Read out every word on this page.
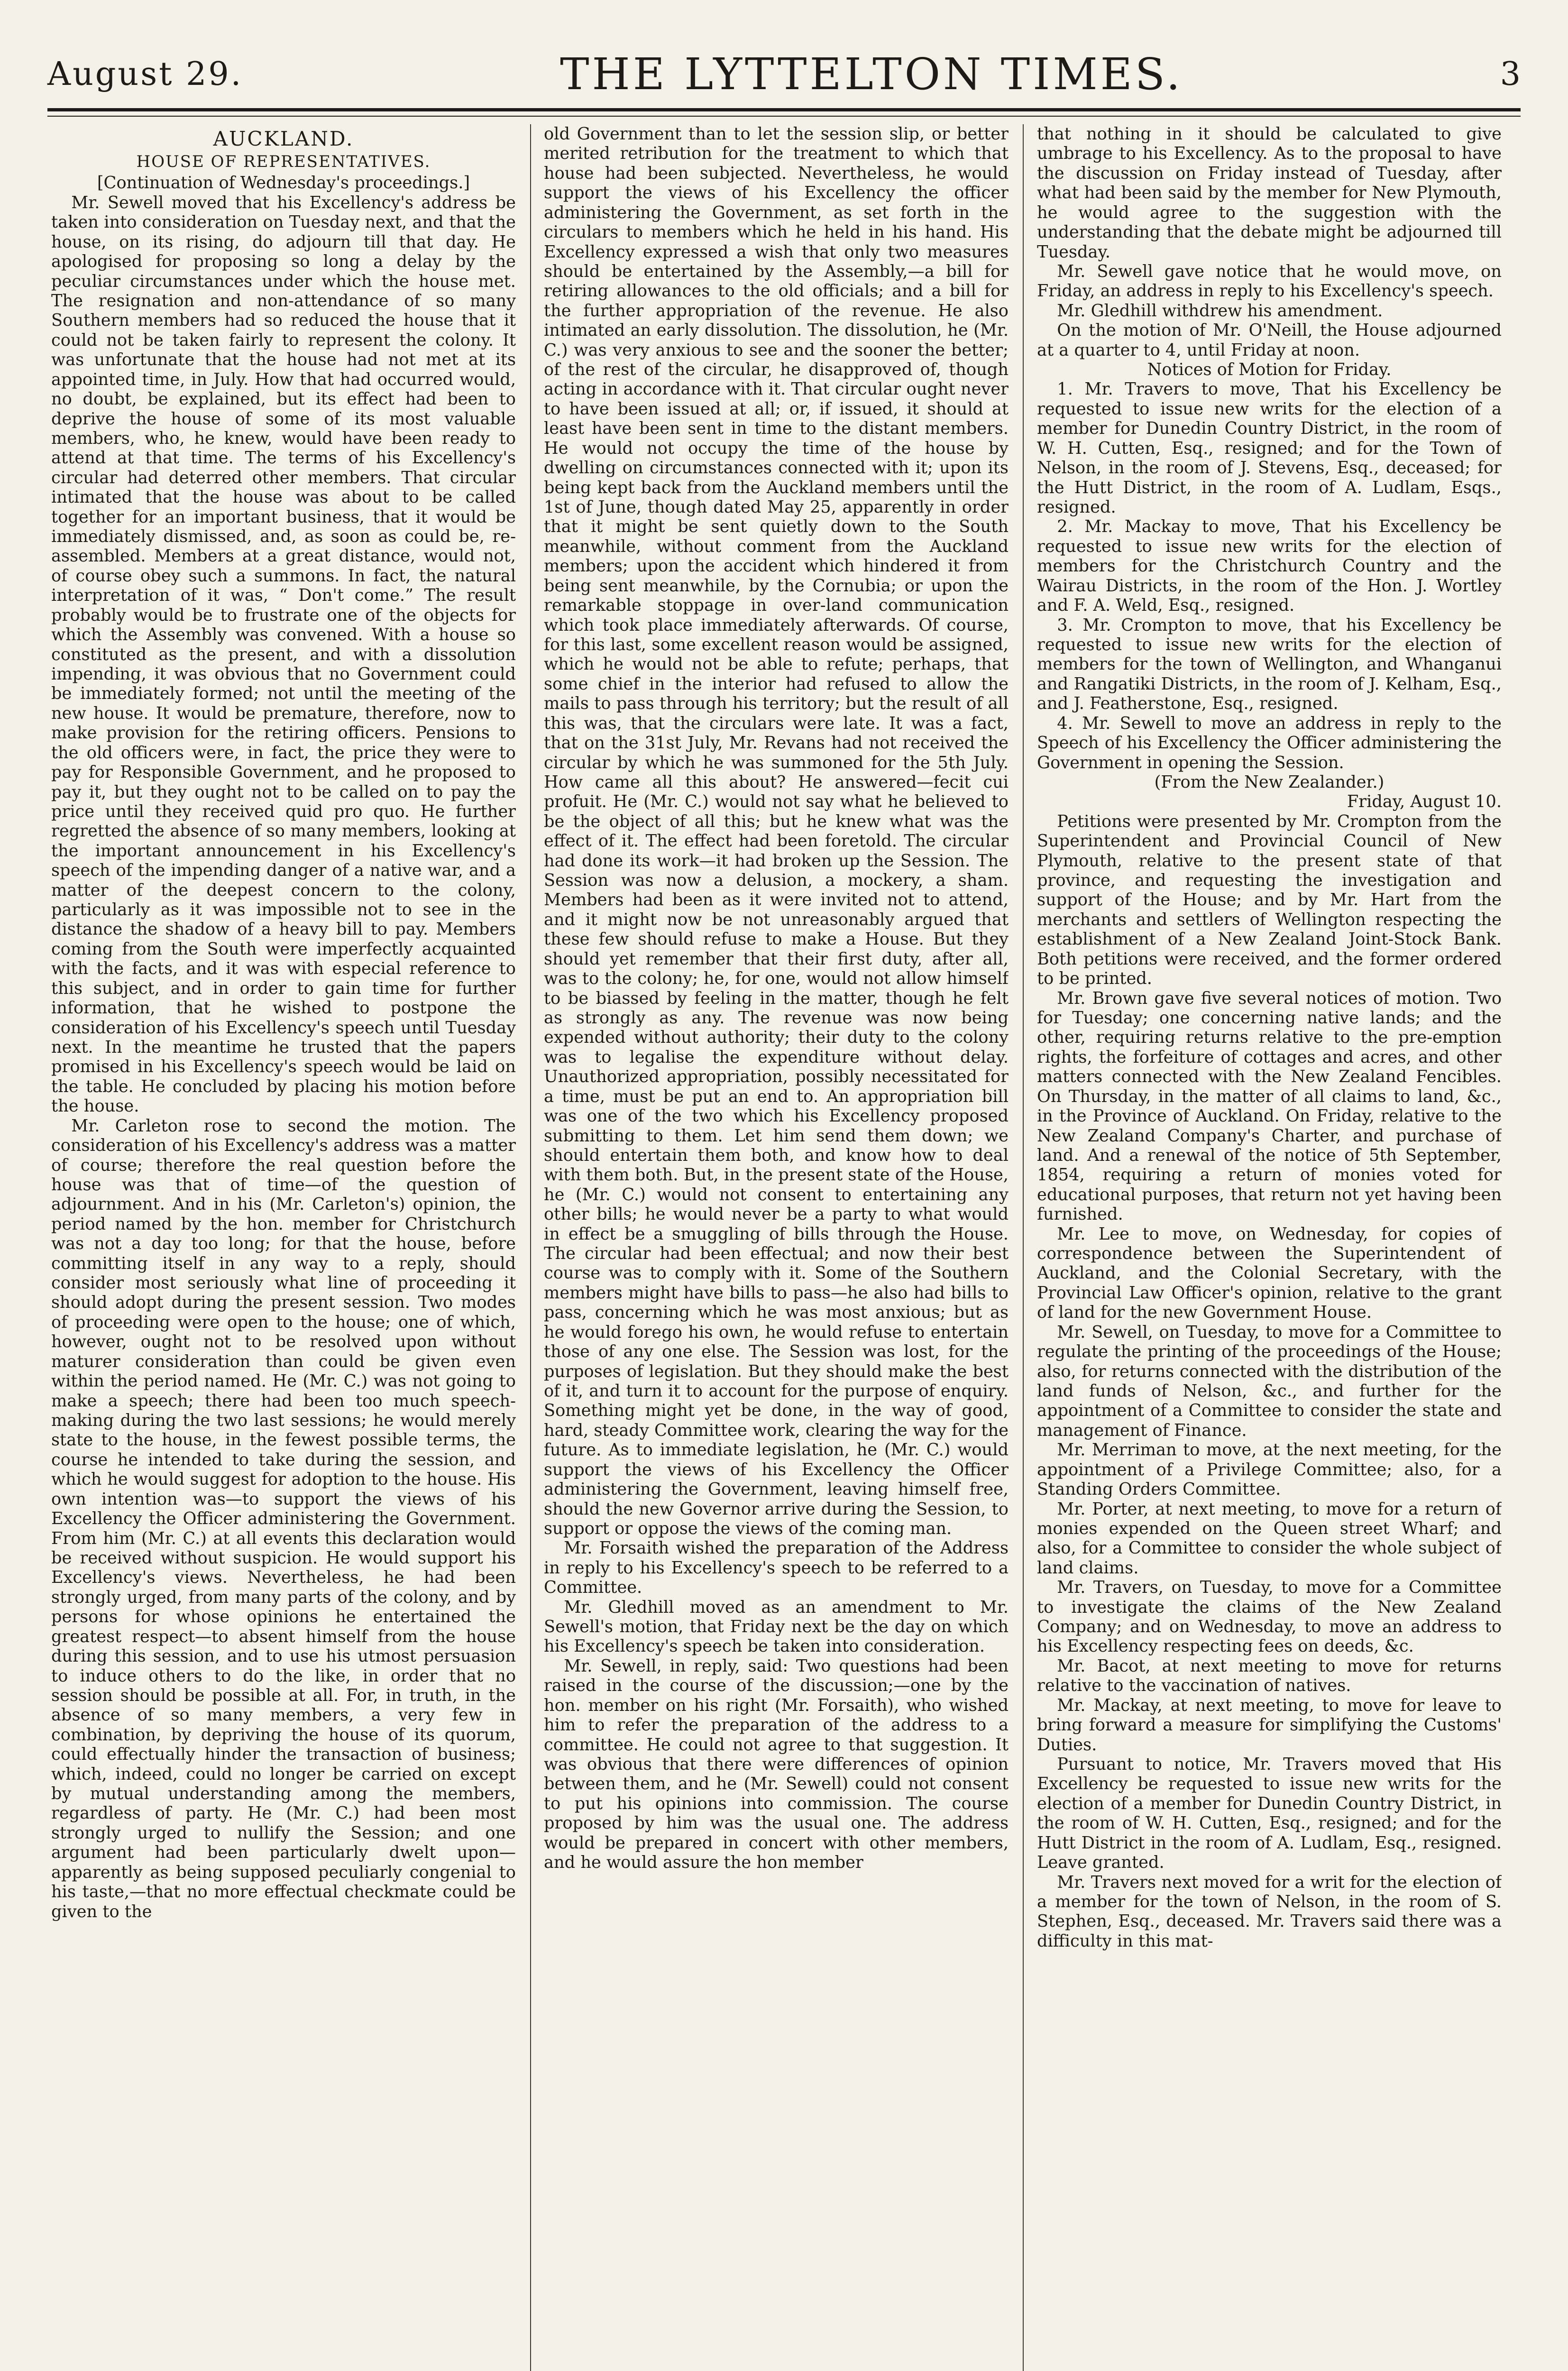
August 29.	THE LYTTELTON TIMES.	3
AUCKLAND.
HOUSE OF REPRESENTATIVES.

[Continuation of Wednesday's proceedings.]

Mr. Sewell moved that his Excellency's address be taken into consideration on Tuesday next, and that the house, on its rising, do adjourn till that day. He apologised for proposing so long a delay by the peculiar circumstances under which the house met. The resignation and non-attendance of so many Southern members had so reduced the house that it could not be taken fairly to represent the colony. It was unfortunate that the house had not met at its appointed time, in July. How that had occurred would, no doubt, be explained, but its effect had been to deprive the house of some of its most valuable members, who, he knew, would have been ready to attend at that time. The terms of his Excellency's circular had deterred other members. That circular intimated that the house was about to be called together for an important business, that it would be immediately dismissed, and, as soon as could be, re-assembled. Members at a great distance, would not, of course obey such a summons. In fact, the natural interpretation of it was, “ Don't come.” The result probably would be to frustrate one of the objects for which the Assembly was convened. With a house so constituted as the present, and with a dissolution impending, it was obvious that no Government could be immediately formed; not until the meeting of the new house. It would be premature, therefore, now to make provision for the retiring officers. Pensions to the old officers were, in fact, the price they were to pay for Responsible Government, and he proposed to pay it, but they ought not to be called on to pay the price until they received quid pro quo. He further regretted the absence of so many members, looking at the important announcement in his Excellency's speech of the impending danger of a native war, and a matter of the deepest concern to the colony, particularly as it was impossible not to see in the distance the shadow of a heavy bill to pay. Members coming from the South were imperfectly acquainted with the facts, and it was with especial reference to this subject, and in order to gain time for further information, that he wished to postpone the consideration of his Excellency's speech until Tuesday next. In the meantime he trusted that the papers promised in his Excellency's speech would be laid on the table. He concluded by placing his motion before the house.

Mr. Carleton rose to second the motion. The consideration of his Excellency's address was a matter of course; therefore the real question before the house was that of time—of the question of adjournment. And in his (Mr. Carleton's) opinion, the period named by the hon. member for Christchurch was not a day too long; for that the house, before committing itself in any way to a reply, should consider most seriously what line of proceeding it should adopt during the present session. Two modes of proceeding were open to the house; one of which, however, ought not to be resolved upon without maturer consideration than could be given even within the period named. He (Mr. C.) was not going to make a speech; there had been too much speech-making during the two last sessions; he would merely state to the house, in the fewest possible terms, the course he intended to take during the session, and which he would suggest for adoption to the house. His own intention was—to support the views of his Excellency the Officer administering the Government. From him (Mr. C.) at all events this declaration would be received without suspicion. He would support his Excellency's views. Nevertheless, he had been strongly urged, from many parts of the colony, and by persons for whose opinions he entertained the greatest respect—to absent himself from the house during this session, and to use his utmost persuasion to induce others to do the like, in order that no session should be possible at all. For, in truth, in the absence of so many members, a very few in combination, by depriving the house of its quorum, could effectually hinder the transaction of business; which, indeed, could no longer be carried on except by mutual understanding among the members, regardless of party. He (Mr. C.) had been most strongly urged to nullify the Session; and one argument had been particularly dwelt upon—apparently as being supposed peculiarly congenial to his taste,—that no more effectual checkmate could be given to the

old Government than to let the session slip, or better merited retribution for the treatment to which that house had been subjected. Nevertheless, he would support the views of his Excellency the officer administering the Government, as set forth in the circulars to members which he held in his hand. His Excellency expressed a wish that only two measures should be entertained by the Assembly,—a bill for retiring allowances to the old officials; and a bill for the further appropriation of the revenue. He also intimated an early dissolution. The dissolution, he (Mr. C.) was very anxious to see and the sooner the better; of the rest of the circular, he disapproved of, though acting in accordance with it. That circular ought never to have been issued at all; or, if issued, it should at least have been sent in time to the distant members. He would not occupy the time of the house by dwelling on circumstances connected with it; upon its being kept back from the Auckland members until the 1st of June, though dated May 25, apparently in order that it might be sent quietly down to the South meanwhile, without comment from the Auckland members; upon the accident which hindered it from being sent meanwhile, by the Cornubia; or upon the remarkable stoppage in over-land communication which took place immediately afterwards. Of course, for this last, some excellent reason would be assigned, which he would not be able to refute; perhaps, that some chief in the interior had refused to allow the mails to pass through his territory; but the result of all this was, that the circulars were late. It was a fact, that on the 31st July, Mr. Revans had not received the circular by which he was summoned for the 5th July. How came all this about? He answered—fecit cui profuit. He (Mr. C.) would not say what he believed to be the object of all this; but he knew what was the effect of it. The effect had been foretold. The circular had done its work—it had broken up the Session. The Session was now a delusion, a mockery, a sham. Members had been as it were invited not to attend, and it might now be not unreasonably argued that these few should refuse to make a House. But they should yet remember that their first duty, after all, was to the colony; he, for one, would not allow himself to be biassed by feeling in the matter, though he felt as strongly as any. The revenue was now being expended without authority; their duty to the colony was to legalise the expenditure without delay. Unauthorized appropriation, possibly necessitated for a time, must be put an end to. An appropriation bill was one of the two which his Excellency proposed submitting to them. Let him send them down; we should entertain them both, and know how to deal with them both. But, in the present state of the House, he (Mr. C.) would not consent to entertaining any other bills; he would never be a party to what would in effect be a smuggling of bills through the House. The circular had been effectual; and now their best course was to comply with it. Some of the Southern members might have bills to pass—he also had bills to pass, concerning which he was most anxious; but as he would forego his own, he would refuse to entertain those of any one else. The Session was lost, for the purposes of legislation. But they should make the best of it, and turn it to account for the purpose of enquiry. Something might yet be done, in the way of good, hard, steady Committee work, clearing the way for the future. As to immediate legislation, he (Mr. C.) would support the views of his Excellency the Officer administering the Government, leaving himself free, should the new Governor arrive during the Session, to support or oppose the views of the coming man.

Mr. Forsaith wished the preparation of the Address in reply to his Excellency's speech to be referred to a Committee.

Mr. Gledhill moved as an amendment to Mr. Sewell's motion, that Friday next be the day on which his Excellency's speech be taken into consideration.

Mr. Sewell, in reply, said: Two questions had been raised in the course of the discussion;—one by the hon. member on his right (Mr. Forsaith), who wished him to refer the preparation of the address to a committee. He could not agree to that suggestion. It was obvious that there were differences of opinion between them, and he (Mr. Sewell) could not consent to put his opinions into commission. The course proposed by him was the usual one. The address would be prepared in concert with other members, and he would assure the hon member

that nothing in it should be calculated to give umbrage to his Excellency. As to the proposal to have the discussion on Friday instead of Tuesday, after what had been said by the member for New Plymouth, he would agree to the suggestion with the understanding that the debate might be adjourned till Tuesday.

Mr. Sewell gave notice that he would move, on Friday, an address in reply to his Excellency's speech.

Mr. Gledhill withdrew his amendment.

On the motion of Mr. O'Neill, the House adjourned at a quarter to 4, until Friday at noon.

Notices of Motion for Friday.

1. Mr. Travers to move, That his Excellency be requested to issue new writs for the election of a member for Dunedin Country District, in the room of W. H. Cutten, Esq., resigned; and for the Town of Nelson, in the room of J. Stevens, Esq., deceased; for the Hutt District, in the room of A. Ludlam, Esqs., resigned.

2. Mr. Mackay to move, That his Excellency be requested to issue new writs for the election of members for the Christchurch Country and the Wairau Districts, in the room of the Hon. J. Wortley and F. A. Weld, Esq., resigned.

3. Mr. Crompton to move, that his Excellency be requested to issue new writs for the election of members for the town of Wellington, and Whanganui and Rangatiki Districts, in the room of J. Kelham, Esq., and J. Featherstone, Esq., resigned.

4. Mr. Sewell to move an address in reply to the Speech of his Excellency the Officer administering the Government in opening the Session.

(From the New Zealander.)

Friday, August 10.

Petitions were presented by Mr. Crompton from the Superintendent and Provincial Council of New Plymouth, relative to the present state of that province, and requesting the investigation and support of the House; and by Mr. Hart from the merchants and settlers of Wellington respecting the establishment of a New Zealand Joint-Stock Bank. Both petitions were received, and the former ordered to be printed.

Mr. Brown gave five several notices of motion. Two for Tuesday; one concerning native lands; and the other, requiring returns relative to the pre-emption rights, the forfeiture of cottages and acres, and other matters connected with the New Zealand Fencibles. On Thursday, in the matter of all claims to land, &c., in the Province of Auckland. On Friday, relative to the New Zealand Company's Charter, and purchase of land. And a renewal of the notice of 5th September, 1854, requiring a return of monies voted for educational purposes, that return not yet having been furnished.

Mr. Lee to move, on Wednesday, for copies of correspondence between the Superintendent of Auckland, and the Colonial Secretary, with the Provincial Law Officer's opinion, relative to the grant of land for the new Government House.

Mr. Sewell, on Tuesday, to move for a Committee to regulate the printing of the proceedings of the House; also, for returns connected with the distribution of the land funds of Nelson, &c., and further for the appointment of a Committee to consider the state and management of Finance.

Mr. Merriman to move, at the next meeting, for the appointment of a Privilege Committee; also, for a Standing Orders Committee.

Mr. Porter, at next meeting, to move for a return of monies expended on the Queen street Wharf; and also, for a Committee to consider the whole subject of land claims.

Mr. Travers, on Tuesday, to move for a Committee to investigate the claims of the New Zealand Company; and on Wednesday, to move an address to his Excellency respecting fees on deeds, &c.

Mr. Bacot, at next meeting to move for returns relative to the vaccination of natives.

Mr. Mackay, at next meeting, to move for leave to bring forward a measure for simplifying the Customs' Duties.

Pursuant to notice, Mr. Travers moved that His Excellency be requested to issue new writs for the election of a member for Dunedin Country District, in the room of W. H. Cutten, Esq., resigned; and for the Hutt District in the room of A. Ludlam, Esq., resigned. Leave granted.

Mr. Travers next moved for a writ for the election of a member for the town of Nelson, in the room of S. Stephen, Esq., deceased. Mr. Travers said there was a difficulty in this mat-
